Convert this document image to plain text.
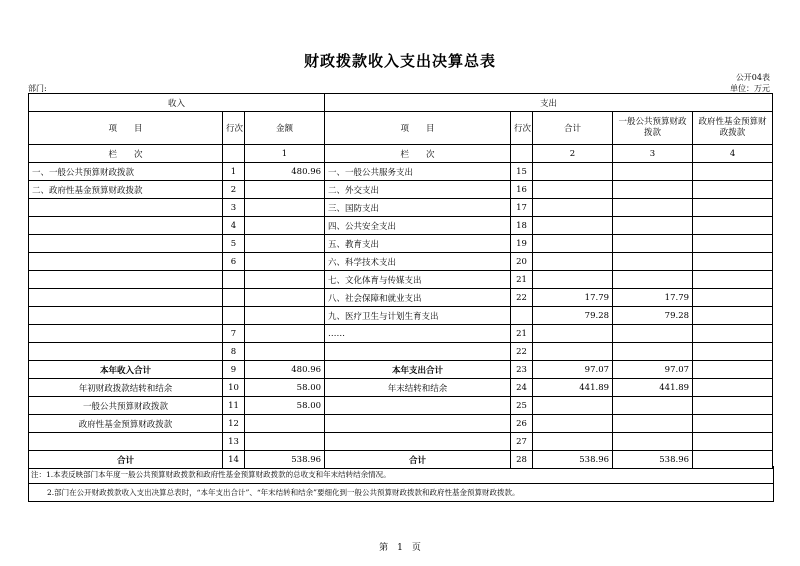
财政拨款收入支出决算总表
公开04表
部门:	单位：万元
收入			支出				
项　　目	行次	金额	项　　目	行次	合计	一般公共预算财政拨款	政府性基金预算财政拨款
栏　　次		1	栏　　次		2	3	4
一、一般公共预算财政拨款	1	480.96	一、一般公共服务支出	15			
二、政府性基金预算财政拨款	2		二、外交支出	16			
	3		三、国防支出	17			
	4		四、公共安全支出	18			
	5		五、教育支出	19			
	6		六、科学技术支出	20			
			七、文化体育与传媒支出	21			
			八、社会保障和就业支出	22	17.79	17.79	
			九、医疗卫生与计划生育支出		79.28	79.28	
	7		……	21			
	8			22			
本年收入合计	9	480.96	本年支出合计	23	97.07	97.07	
年初财政拨款结转和结余	10	58.00	年末结转和结余	24	441.89	441.89	
一般公共预算财政拨款	11	58.00		25			
政府性基金预算财政拨款	12			26			
	13			27			
合计	14	538.96	合计	28	538.96	538.96	
注：1.本表反映部门本年度一般公共预算财政拨款和政府性基金预算财政拨款的总收支和年末结转结余情况。
2.部门在公开财政拨款收入支出决算总表时，“本年支出合计”、“年末结转和结余”要细化到一般公共预算财政拨款和政府性基金预算财政拨款。
第　1　页
